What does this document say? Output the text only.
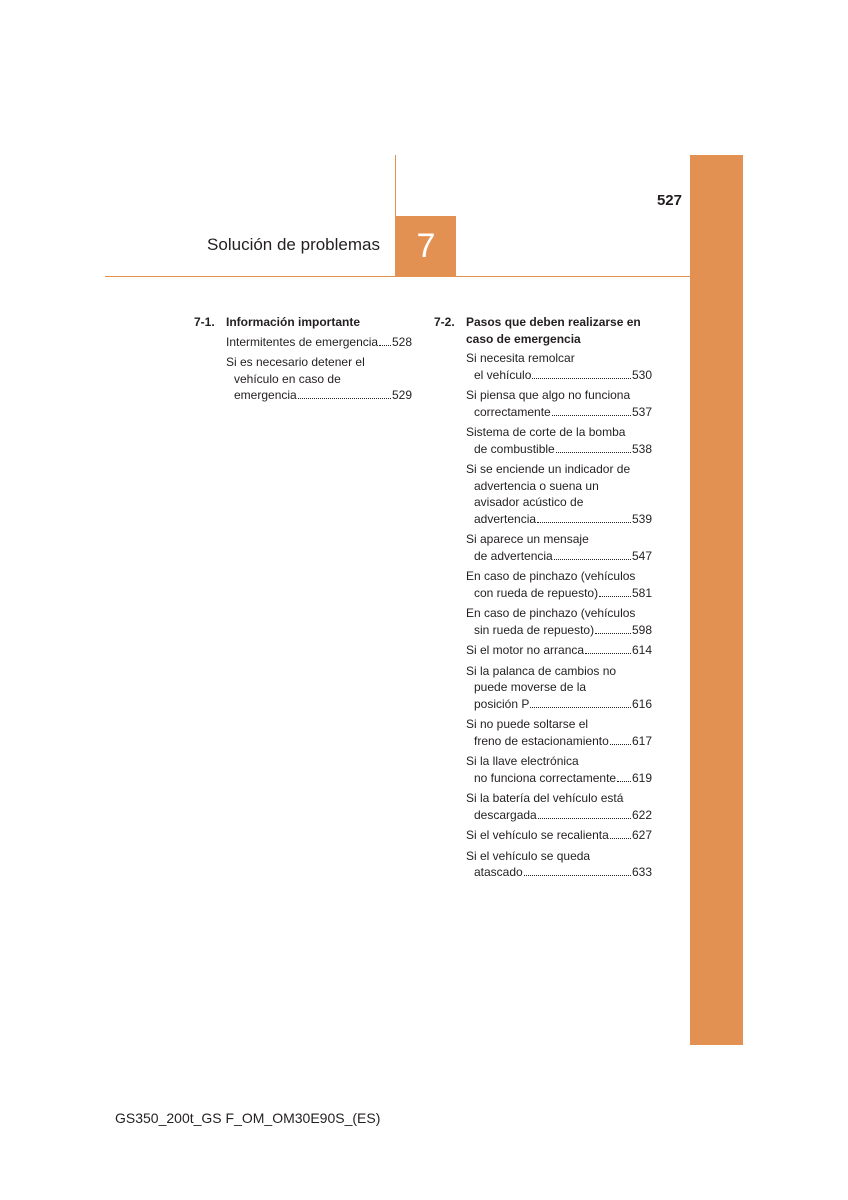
527
Solución de problemas	7
7-1. Información importante
Intermitentes de emergencia 528
Si es necesario detener el
vehículo en caso de
emergencia	529
7-2. Pasos que deben realizarse en
caso de emergencia
Si necesita remolcar
el vehículo	530
Si piensa que algo no funciona
correctamente	537
Sistema de corte de la bomba
de combustible	538
Si se enciende un indicador de
advertencia o suena un
avisador acústico de
advertencia	539
Si aparece un mensaje
de advertencia	547
En caso de pinchazo (vehículos
con rueda de repuesto)	581
En caso de pinchazo (vehículos
sin rueda de repuesto)	598
Si el motor no arranca	614
Si la palanca de cambios no
puede moverse de la
posición P	616
Si no puede soltarse el
freno de estacionamiento 617
Si la llave electrónica
no funciona correctamente 619
Si la batería del vehículo está
descargada	622
Si el vehículo se recalienta 627
Si el vehículo se queda
atascado	633
GS350_200t_GS F_OM_OM30E90S_(ES)
